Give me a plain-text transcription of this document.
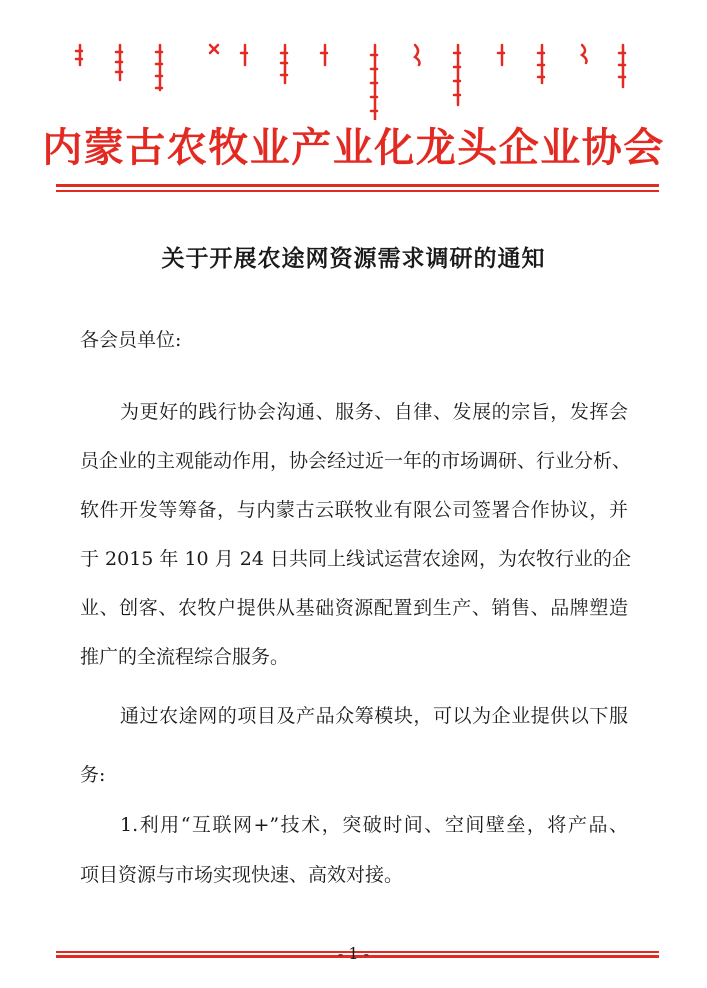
内蒙古农牧业产业化龙头企业协会
关于开展农途网资源需求调研的通知
各会员单位:
为更好的践行协会沟通、服务、自律、发展的宗旨，发挥会
员企业的主观能动作用，协会经过近一年的市场调研、行业分析、
软件开发等筹备，与内蒙古云联牧业有限公司签署合作协议，并
于 2015 年 10 月 24 日共同上线试运营农途网，为农牧行业的企
业、创客、农牧户提供从基础资源配置到生产、销售、品牌塑造
推广的全流程综合服务。
通过农途网的项目及产品众筹模块，可以为企业提供以下服
务:
1.利用“互联网+”技术，突破时间、空间壁垒，将产品、
项目资源与市场实现快速、高效对接。
- 1 -
